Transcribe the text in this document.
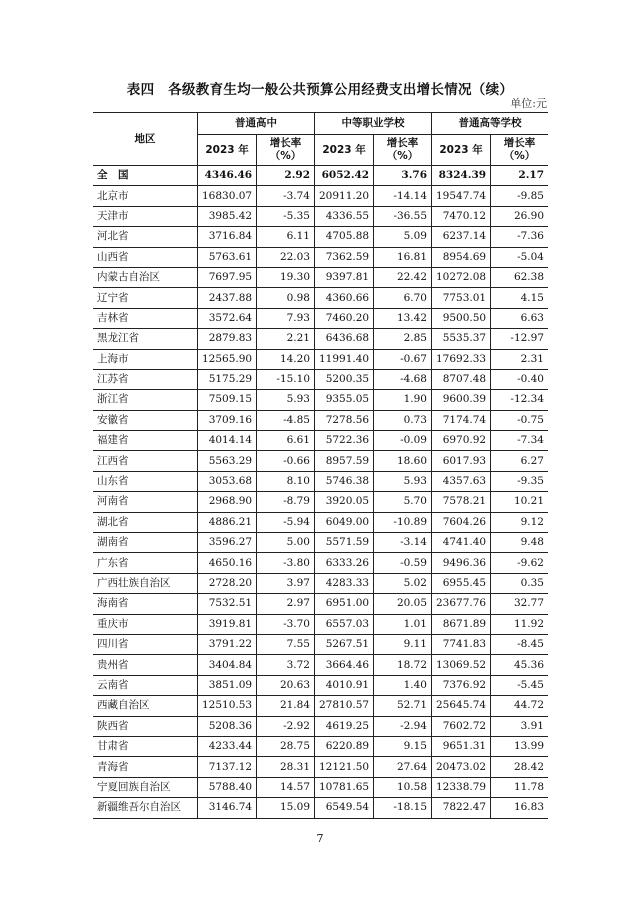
表四　各级教育生均一般公共预算公用经费支出增长情况（续）
单位:元
地区	普通高中		中等职业学校		普通高等学校	
	2023 年	增长率（%）	2023 年	增长率（%）	2023 年	增长率（%）
全　国	4346.46	2.92	6052.42	3.76	8324.39	2.17
北京市	16830.07	-3.74	20911.20	-14.14	19547.74	-9.85
天津市	3985.42	-5.35	4336.55	-36.55	7470.12	26.90
河北省	3716.84	6.11	4705.88	5.09	6237.14	-7.36
山西省	5763.61	22.03	7362.59	16.81	8954.69	-5.04
内蒙古自治区	7697.95	19.30	9397.81	22.42	10272.08	62.38
辽宁省	2437.88	0.98	4360.66	6.70	7753.01	4.15
吉林省	3572.64	7.93	7460.20	13.42	9500.50	6.63
黑龙江省	2879.83	2.21	6436.68	2.85	5535.37	-12.97
上海市	12565.90	14.20	11991.40	-0.67	17692.33	2.31
江苏省	5175.29	-15.10	5200.35	-4.68	8707.48	-0.40
浙江省	7509.15	5.93	9355.05	1.90	9600.39	-12.34
安徽省	3709.16	-4.85	7278.56	0.73	7174.74	-0.75
福建省	4014.14	6.61	5722.36	-0.09	6970.92	-7.34
江西省	5563.29	-0.66	8957.59	18.60	6017.93	6.27
山东省	3053.68	8.10	5746.38	5.93	4357.63	-9.35
河南省	2968.90	-8.79	3920.05	5.70	7578.21	10.21
湖北省	4886.21	-5.94	6049.00	-10.89	7604.26	9.12
湖南省	3596.27	5.00	5571.59	-3.14	4741.40	9.48
广东省	4650.16	-3.80	6333.26	-0.59	9496.36	-9.62
广西壮族自治区	2728.20	3.97	4283.33	5.02	6955.45	0.35
海南省	7532.51	2.97	6951.00	20.05	23677.76	32.77
重庆市	3919.81	-3.70	6557.03	1.01	8671.89	11.92
四川省	3791.22	7.55	5267.51	9.11	7741.83	-8.45
贵州省	3404.84	3.72	3664.46	18.72	13069.52	45.36
云南省	3851.09	20.63	4010.91	1.40	7376.92	-5.45
西藏自治区	12510.53	21.84	27810.57	52.71	25645.74	44.72
陕西省	5208.36	-2.92	4619.25	-2.94	7602.72	3.91
甘肃省	4233.44	28.75	6220.89	9.15	9651.31	13.99
青海省	7137.12	28.31	12121.50	27.64	20473.02	28.42
宁夏回族自治区	5788.40	14.57	10781.65	10.58	12338.79	11.78
新疆维吾尔自治区	3146.74	15.09	6549.54	-18.15	7822.47	16.83
7
